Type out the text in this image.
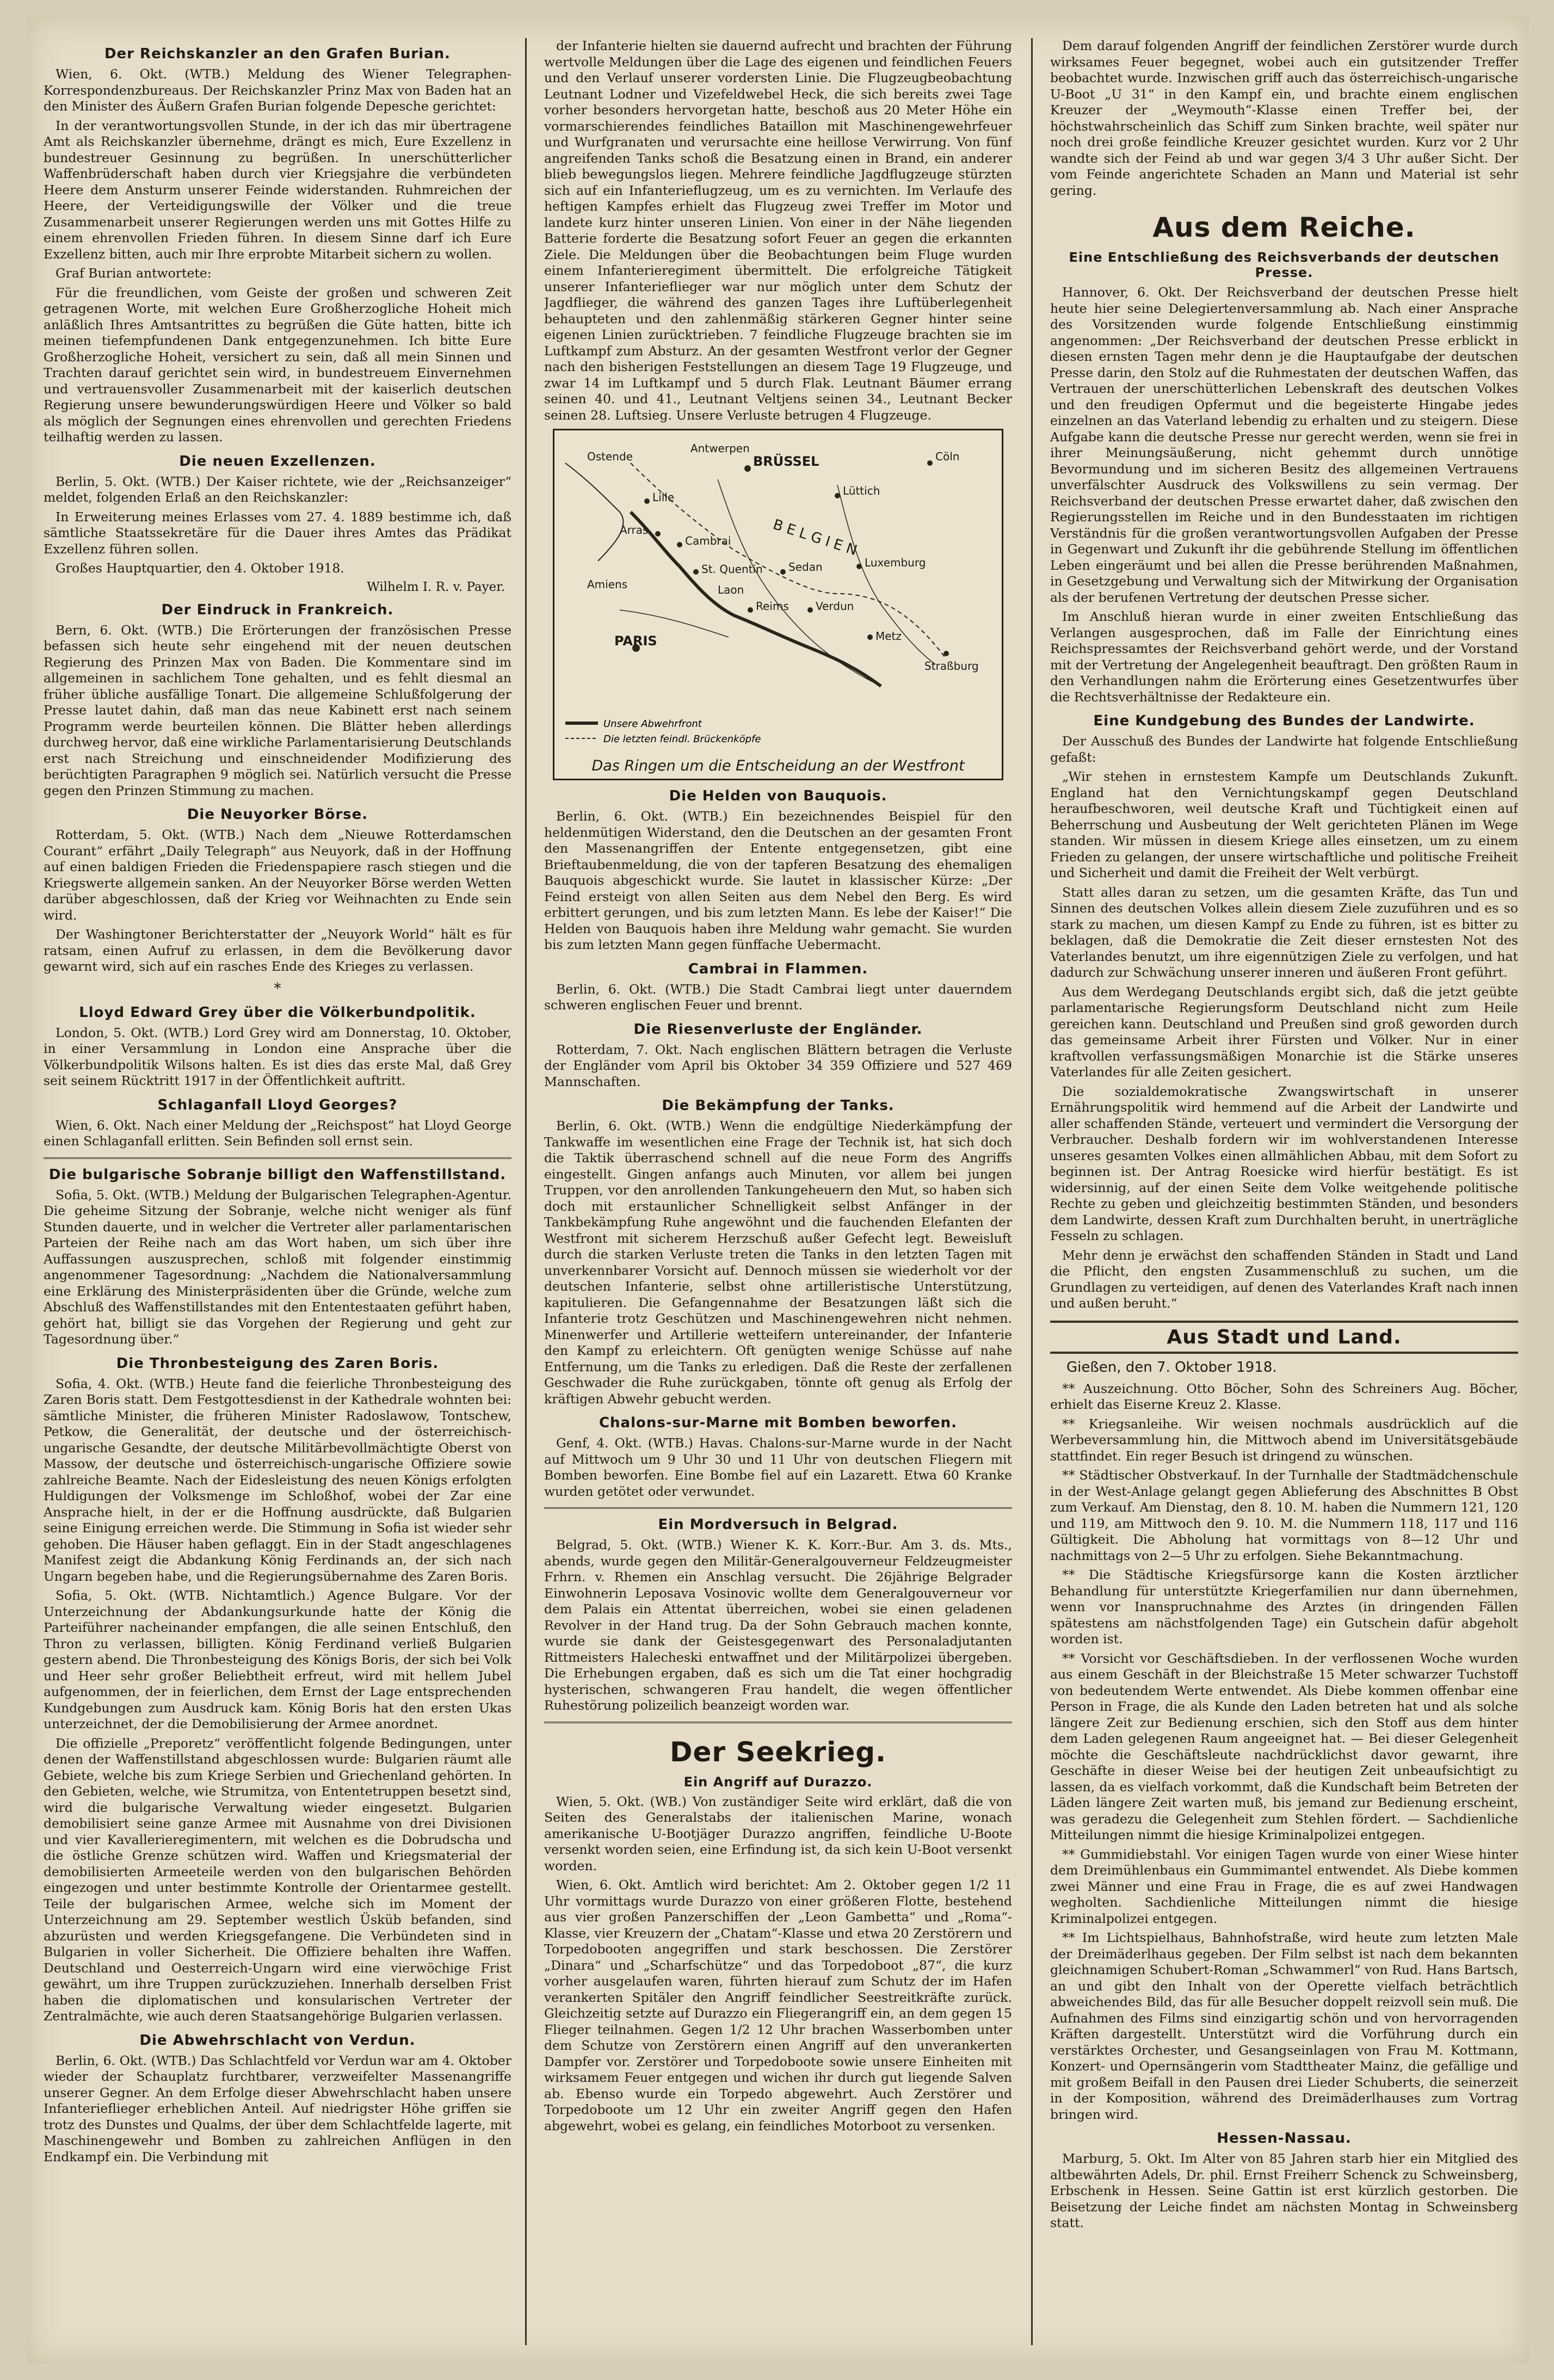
Der Reichskanzler an den Grafen Burian.

Wien, 6. Okt. (WTB.) Meldung des Wiener Telegraphen-Korrespondenzbureaus. Der Reichskanzler Prinz Max von Baden hat an den Minister des Äußern Grafen Burian folgende Depesche gerichtet:

In der verantwortungsvollen Stunde, in der ich das mir übertragene Amt als Reichskanzler übernehme, drängt es mich, Eure Exzellenz in bundestreuer Gesinnung zu begrüßen. In unerschütterlicher Waffenbrüderschaft haben durch vier Kriegsjahre die verbündeten Heere dem Ansturm unserer Feinde widerstanden. Ruhmreichen der Heere, der Verteidigungswille der Völker und die treue Zusammenarbeit unserer Regierungen werden uns mit Gottes Hilfe zu einem ehrenvollen Frieden führen. In diesem Sinne darf ich Eure Exzellenz bitten, auch mir Ihre erprobte Mitarbeit sichern zu wollen.

Graf Burian antwortete:

Für die freundlichen, vom Geiste der großen und schweren Zeit getragenen Worte, mit welchen Eure Großherzogliche Hoheit mich anläßlich Ihres Amtsantrittes zu begrüßen die Güte hatten, bitte ich meinen tiefempfundenen Dank entgegenzunehmen. Ich bitte Eure Großherzogliche Hoheit, versichert zu sein, daß all mein Sinnen und Trachten darauf gerichtet sein wird, in bundestreuem Einvernehmen und vertrauensvoller Zusammenarbeit mit der kaiserlich deutschen Regierung unsere bewunderungswürdigen Heere und Völker so bald als möglich der Segnungen eines ehrenvollen und gerechten Friedens teilhaftig werden zu lassen.

Die neuen Exzellenzen.

Berlin, 5. Okt. (WTB.) Der Kaiser richtete, wie der „Reichsanzeiger“ meldet, folgenden Erlaß an den Reichskanzler:

In Erweiterung meines Erlasses vom 27. 4. 1889 bestimme ich, daß sämtliche Staatssekretäre für die Dauer ihres Amtes das Prädikat Exzellenz führen sollen.

Großes Hauptquartier, den 4. Oktober 1918.

Wilhelm I. R. v. Payer.
Der Eindruck in Frankreich.

Bern, 6. Okt. (WTB.) Die Erörterungen der französischen Presse befassen sich heute sehr eingehend mit der neuen deutschen Regierung des Prinzen Max von Baden. Die Kommentare sind im allgemeinen in sachlichem Tone gehalten, und es fehlt diesmal an früher übliche ausfällige Tonart. Die allgemeine Schlußfolgerung der Presse lautet dahin, daß man das neue Kabinett erst nach seinem Programm werde beurteilen können. Die Blätter heben allerdings durchweg hervor, daß eine wirkliche Parlamentarisierung Deutschlands erst nach Streichung und einschneidender Modifizierung des berüchtigten Paragraphen 9 möglich sei. Natürlich versucht die Presse gegen den Prinzen Stimmung zu machen.

Die Neuyorker Börse.

Rotterdam, 5. Okt. (WTB.) Nach dem „Nieuwe Rotterdamschen Courant“ erfährt „Daily Telegraph“ aus Neuyork, daß in der Hoffnung auf einen baldigen Frieden die Friedenspapiere rasch stiegen und die Kriegswerte allgemein sanken. An der Neuyorker Börse werden Wetten darüber abgeschlossen, daß der Krieg vor Weihnachten zu Ende sein wird.

Der Washingtoner Berichterstatter der „Neuyork World“ hält es für ratsam, einen Aufruf zu erlassen, in dem die Bevölkerung davor gewarnt wird, sich auf ein rasches Ende des Krieges zu verlassen.

*
Lloyd Edward Grey über die Völkerbundpolitik.

London, 5. Okt. (WTB.) Lord Grey wird am Donnerstag, 10. Oktober, in einer Versammlung in London eine Ansprache über die Völkerbundpolitik Wilsons halten. Es ist dies das erste Mal, daß Grey seit seinem Rücktritt 1917 in der Öffentlichkeit auftritt.

Schlaganfall Lloyd Georges?

Wien, 6. Okt. Nach einer Meldung der „Reichspost“ hat Lloyd George einen Schlaganfall erlitten. Sein Befinden soll ernst sein.

Die bulgarische Sobranje billigt den Waffenstillstand.

Sofia, 5. Okt. (WTB.) Meldung der Bulgarischen Telegraphen-Agentur. Die geheime Sitzung der Sobranje, welche nicht weniger als fünf Stunden dauerte, und in welcher die Vertreter aller parlamentarischen Parteien der Reihe nach am das Wort haben, um sich über ihre Auffassungen auszusprechen, schloß mit folgender einstimmig angenommener Tagesordnung: „Nachdem die Nationalversammlung eine Erklärung des Ministerpräsidenten über die Gründe, welche zum Abschluß des Waffenstillstandes mit den Ententestaaten geführt haben, gehört hat, billigt sie das Vorgehen der Regierung und geht zur Tagesordnung über.“

Die Thronbesteigung des Zaren Boris.

Sofia, 4. Okt. (WTB.) Heute fand die feierliche Thronbesteigung des Zaren Boris statt. Dem Festgottesdienst in der Kathedrale wohnten bei: sämtliche Minister, die früheren Minister Radoslawow, Tontschew, Petkow, die Generalität, der deutsche und der österreichisch-ungarische Gesandte, der deutsche Militärbevollmächtigte Oberst von Massow, der deutsche und österreichisch-ungarische Offiziere sowie zahlreiche Beamte. Nach der Eidesleistung des neuen Königs erfolgten Huldigungen der Volksmenge im Schloßhof, wobei der Zar eine Ansprache hielt, in der er die Hoffnung ausdrückte, daß Bulgarien seine Einigung erreichen werde. Die Stimmung in Sofia ist wieder sehr gehoben. Die Häuser haben geflaggt. Ein in der Stadt angeschlagenes Manifest zeigt die Abdankung König Ferdinands an, der sich nach Ungarn begeben habe, und die Regierungsübernahme des Zaren Boris.

Sofia, 5. Okt. (WTB. Nichtamtlich.) Agence Bulgare. Vor der Unterzeichnung der Abdankungsurkunde hatte der König die Parteiführer nacheinander empfangen, die alle seinen Entschluß, den Thron zu verlassen, billigten. König Ferdinand verließ Bulgarien gestern abend. Die Thronbesteigung des Königs Boris, der sich bei Volk und Heer sehr großer Beliebtheit erfreut, wird mit hellem Jubel aufgenommen, der in feierlichen, dem Ernst der Lage entsprechenden Kundgebungen zum Ausdruck kam. König Boris hat den ersten Ukas unterzeichnet, der die Demobilisierung der Armee anordnet.

Die offizielle „Preporetz“ veröffentlicht folgende Bedingungen, unter denen der Waffenstillstand abgeschlossen wurde: Bulgarien räumt alle Gebiete, welche bis zum Kriege Serbien und Griechenland gehörten. In den Gebieten, welche, wie Strumitza, von Ententetruppen besetzt sind, wird die bulgarische Verwaltung wieder eingesetzt. Bulgarien demobilisiert seine ganze Armee mit Ausnahme von drei Divisionen und vier Kavallerieregimentern, mit welchen es die Dobrudscha und die östliche Grenze schützen wird. Waffen und Kriegsmaterial der demobilisierten Armeeteile werden von den bulgarischen Behörden eingezogen und unter bestimmte Kontrolle der Orientarmee gestellt. Teile der bulgarischen Armee, welche sich im Moment der Unterzeichnung am 29. September westlich Üsküb befanden, sind abzurüsten und werden Kriegsgefangene. Die Verbündeten sind in Bulgarien in voller Sicherheit. Die Offiziere behalten ihre Waffen. Deutschland und Oesterreich-Ungarn wird eine vierwöchige Frist gewährt, um ihre Truppen zurückzuziehen. Innerhalb derselben Frist haben die diplomatischen und konsularischen Vertreter der Zentralmächte, wie auch deren Staatsangehörige Bulgarien verlassen.

Die Abwehrschlacht von Verdun.

Berlin, 6. Okt. (WTB.) Das Schlachtfeld vor Verdun war am 4. Oktober wieder der Schauplatz furchtbarer, verzweifelter Massenangriffe unserer Gegner. An dem Erfolge dieser Abwehrschlacht haben unsere Infanterieflieger erheblichen Anteil. Auf niedrigster Höhe griffen sie trotz des Dunstes und Qualms, der über dem Schlachtfelde lagerte, mit Maschinengewehr und Bomben zu zahlreichen Anflügen in den Endkampf ein. Die Verbindung mit

der Infanterie hielten sie dauernd aufrecht und brachten der Führung wertvolle Meldungen über die Lage des eigenen und feindlichen Feuers und den Verlauf unserer vordersten Linie. Die Flugzeugbeobachtung Leutnant Lodner und Vizefeldwebel Heck, die sich bereits zwei Tage vorher besonders hervorgetan hatte, beschoß aus 20 Meter Höhe ein vormarschierendes feindliches Bataillon mit Maschinengewehrfeuer und Wurfgranaten und verursachte eine heillose Verwirrung. Von fünf angreifenden Tanks schoß die Besatzung einen in Brand, ein anderer blieb bewegungslos liegen. Mehrere feindliche Jagdflugzeuge stürzten sich auf ein Infanterieflugzeug, um es zu vernichten. Im Verlaufe des heftigen Kampfes erhielt das Flugzeug zwei Treffer im Motor und landete kurz hinter unseren Linien. Von einer in der Nähe liegenden Batterie forderte die Besatzung sofort Feuer an gegen die erkannten Ziele. Die Meldungen über die Beobachtungen beim Fluge wurden einem Infanterieregiment übermittelt. Die erfolgreiche Tätigkeit unserer Infanterieflieger war nur möglich unter dem Schutz der Jagdflieger, die während des ganzen Tages ihre Luftüberlegenheit behaupteten und den zahlenmäßig stärkeren Gegner hinter seine eigenen Linien zurücktrieben. 7 feindliche Flugzeuge brachten sie im Luftkampf zum Absturz. An der gesamten Westfront verlor der Gegner nach den bisherigen Feststellungen an diesem Tage 19 Flugzeuge, und zwar 14 im Luftkampf und 5 durch Flak. Leutnant Bäumer errang seinen 40. und 41., Leutnant Veltjens seinen 34., Leutnant Becker seinen 28. Luftsieg. Unsere Verluste betrugen 4 Flugzeuge.

BRÜSSEL	Cöln
Lüttich
Luxemburg
Metz
Straßburg
Verdun
Sedan
Reims
PARIS
Cambrai
St. Quentin
Lille
Arras
Ostende
Antwerpen
Laon
Amiens
BELGIEN
Unsere Abwehrfront
Die letzten feindl. Brückenköpfe
Das Ringen um die Entscheidung an der Westfront
Die Helden von Bauquois.

Berlin, 6. Okt. (WTB.) Ein bezeichnendes Beispiel für den heldenmütigen Widerstand, den die Deutschen an der gesamten Front den Massenangriffen der Entente entgegensetzen, gibt eine Brieftaubenmeldung, die von der tapferen Besatzung des ehemaligen Bauquois abgeschickt wurde. Sie lautet in klassischer Kürze: „Der Feind ersteigt von allen Seiten aus dem Nebel den Berg. Es wird erbittert gerungen, und bis zum letzten Mann. Es lebe der Kaiser!“ Die Helden von Bauquois haben ihre Meldung wahr gemacht. Sie wurden bis zum letzten Mann gegen fünffache Uebermacht.

Cambrai in Flammen.

Berlin, 6. Okt. (WTB.) Die Stadt Cambrai liegt unter dauerndem schweren englischen Feuer und brennt.

Die Riesenverluste der Engländer.

Rotterdam, 7. Okt. Nach englischen Blättern betragen die Verluste der Engländer vom April bis Oktober 34 359 Offiziere und 527 469 Mannschaften.

Die Bekämpfung der Tanks.

Berlin, 6. Okt. (WTB.) Wenn die endgültige Niederkämpfung der Tankwaffe im wesentlichen eine Frage der Technik ist, hat sich doch die Taktik überraschend schnell auf die neue Form des Angriffs eingestellt. Gingen anfangs auch Minuten, vor allem bei jungen Truppen, vor den anrollenden Tankungeheuern den Mut, so haben sich doch mit erstaunlicher Schnelligkeit selbst Anfänger in der Tankbekämpfung Ruhe angewöhnt und die fauchenden Elefanten der Westfront mit sicherem Herzschuß außer Gefecht legt. Beweisluft durch die starken Verluste treten die Tanks in den letzten Tagen mit unverkennbarer Vorsicht auf. Dennoch müssen sie wiederholt vor der deutschen Infanterie, selbst ohne artilleristische Unterstützung, kapitulieren. Die Gefangennahme der Besatzungen läßt sich die Infanterie trotz Geschützen und Maschinengewehren nicht nehmen. Minenwerfer und Artillerie wetteifern untereinander, der Infanterie den Kampf zu erleichtern. Oft genügten wenige Schüsse auf nahe Entfernung, um die Tanks zu erledigen. Daß die Reste der zerfallenen Geschwader die Ruhe zurückgaben, tönnte oft genug als Erfolg der kräftigen Abwehr gebucht werden.

Chalons-sur-Marne mit Bomben beworfen.

Genf, 4. Okt. (WTB.) Havas. Chalons-sur-Marne wurde in der Nacht auf Mittwoch um 9 Uhr 30 und 11 Uhr von deutschen Fliegern mit Bomben beworfen. Eine Bombe fiel auf ein Lazarett. Etwa 60 Kranke wurden getötet oder verwundet.

Ein Mordversuch in Belgrad.

Belgrad, 5. Okt. (WTB.) Wiener K. K. Korr.-Bur. Am 3. ds. Mts., abends, wurde gegen den Militär-Generalgouverneur Feldzeugmeister Frhrn. v. Rhemen ein Anschlag versucht. Die 26jährige Belgrader Einwohnerin Leposava Vosinovic wollte dem Generalgouverneur vor dem Palais ein Attentat überreichen, wobei sie einen geladenen Revolver in der Hand trug. Da der Sohn Gebrauch machen konnte, wurde sie dank der Geistesgegenwart des Personaladjutanten Rittmeisters Halecheski entwaffnet und der Militärpolizei übergeben. Die Erhebungen ergaben, daß es sich um die Tat einer hochgradig hysterischen, schwangeren Frau handelt, die wegen öffentlicher Ruhestörung polizeilich beanzeigt worden war.

Der Seekrieg.
Ein Angriff auf Durazzo.

Wien, 5. Okt. (WB.) Von zuständiger Seite wird erklärt, daß die von Seiten des Generalstabs der italienischen Marine, wonach amerikanische U-Bootjäger Durazzo angriffen, feindliche U-Boote versenkt worden seien, eine Erfindung ist, da sich kein U-Boot versenkt worden.

Wien, 6. Okt. Amtlich wird berichtet: Am 2. Oktober gegen 1/2 11 Uhr vormittags wurde Durazzo von einer größeren Flotte, bestehend aus vier großen Panzerschiffen der „Leon Gambetta“ und „Roma“-Klasse, vier Kreuzern der „Chatam“-Klasse und etwa 20 Zerstörern und Torpedobooten angegriffen und stark beschossen. Die Zerstörer „Dinara“ und „Scharfschütze“ und das Torpedoboot „87“, die kurz vorher ausgelaufen waren, führten hierauf zum Schutz der im Hafen verankerten Spitäler den Angriff feindlicher Seestreitkräfte zurück. Gleichzeitig setzte auf Durazzo ein Fliegerangriff ein, an dem gegen 15 Flieger teilnahmen. Gegen 1/2 12 Uhr brachen Wasserbomben unter dem Schutze von Zerstörern einen Angriff auf den unverankerten Dampfer vor. Zerstörer und Torpedoboote sowie unsere Einheiten mit wirksamem Feuer entgegen und wichen ihr durch gut liegende Salven ab. Ebenso wurde ein Torpedo abgewehrt. Auch Zerstörer und Torpedoboote um 12 Uhr ein zweiter Angriff gegen den Hafen abgewehrt, wobei es gelang, ein feindliches Motorboot zu versenken.

Dem darauf folgenden Angriff der feindlichen Zerstörer wurde durch wirksames Feuer begegnet, wobei auch ein gutsitzender Treffer beobachtet wurde. Inzwischen griff auch das österreichisch-ungarische U-Boot „U 31“ in den Kampf ein, und brachte einem englischen Kreuzer der „Weymouth“-Klasse einen Treffer bei, der höchstwahrscheinlich das Schiff zum Sinken brachte, weil später nur noch drei große feindliche Kreuzer gesichtet wurden. Kurz vor 2 Uhr wandte sich der Feind ab und war gegen 3/4 3 Uhr außer Sicht. Der vom Feinde angerichtete Schaden an Mann und Material ist sehr gering.

Aus dem Reiche.
Eine Entschließung des Reichsverbands der deutschen Presse.

Hannover, 6. Okt. Der Reichsverband der deutschen Presse hielt heute hier seine Delegiertenversammlung ab. Nach einer Ansprache des Vorsitzenden wurde folgende Entschließung einstimmig angenommen: „Der Reichsverband der deutschen Presse erblickt in diesen ernsten Tagen mehr denn je die Hauptaufgabe der deutschen Presse darin, den Stolz auf die Ruhmestaten der deutschen Waffen, das Vertrauen der unerschütterlichen Lebenskraft des deutschen Volkes und den freudigen Opfermut und die begeisterte Hingabe jedes einzelnen an das Vaterland lebendig zu erhalten und zu steigern. Diese Aufgabe kann die deutsche Presse nur gerecht werden, wenn sie frei in ihrer Meinungsäußerung, nicht gehemmt durch unnötige Bevormundung und im sicheren Besitz des allgemeinen Vertrauens unverfälschter Ausdruck des Volkswillens zu sein vermag. Der Reichsverband der deutschen Presse erwartet daher, daß zwischen den Regierungsstellen im Reiche und in den Bundesstaaten im richtigen Verständnis für die großen verantwortungsvollen Aufgaben der Presse in Gegenwart und Zukunft ihr die gebührende Stellung im öffentlichen Leben eingeräumt und bei allen die Presse berührenden Maßnahmen, in Gesetzgebung und Verwaltung sich der Mitwirkung der Organisation als der berufenen Vertretung der deutschen Presse sicher.

Im Anschluß hieran wurde in einer zweiten Entschließung das Verlangen ausgesprochen, daß im Falle der Einrichtung eines Reichspressamtes der Reichsverband gehört werde, und der Vorstand mit der Vertretung der Angelegenheit beauftragt. Den größten Raum in den Verhandlungen nahm die Erörterung eines Gesetzentwurfes über die Rechtsverhältnisse der Redakteure ein.

Eine Kundgebung des Bundes der Landwirte.

Der Ausschuß des Bundes der Landwirte hat folgende Entschließung gefaßt:

„Wir stehen in ernstestem Kampfe um Deutschlands Zukunft. England hat den Vernichtungskampf gegen Deutschland heraufbeschworen, weil deutsche Kraft und Tüchtigkeit einen auf Beherrschung und Ausbeutung der Welt gerichteten Plänen im Wege standen. Wir müssen in diesem Kriege alles einsetzen, um zu einem Frieden zu gelangen, der unsere wirtschaftliche und politische Freiheit und Sicherheit und damit die Freiheit der Welt verbürgt.

Statt alles daran zu setzen, um die gesamten Kräfte, das Tun und Sinnen des deutschen Volkes allein diesem Ziele zuzuführen und es so stark zu machen, um diesen Kampf zu Ende zu führen, ist es bitter zu beklagen, daß die Demokratie die Zeit dieser ernstesten Not des Vaterlandes benutzt, um ihre eigennützigen Ziele zu verfolgen, und hat dadurch zur Schwächung unserer inneren und äußeren Front geführt.

Aus dem Werdegang Deutschlands ergibt sich, daß die jetzt geübte parlamentarische Regierungsform Deutschland nicht zum Heile gereichen kann. Deutschland und Preußen sind groß geworden durch das gemeinsame Arbeit ihrer Fürsten und Völker. Nur in einer kraftvollen verfassungsmäßigen Monarchie ist die Stärke unseres Vaterlandes für alle Zeiten gesichert.

Die sozialdemokratische Zwangswirtschaft in unserer Ernährungspolitik wird hemmend auf die Arbeit der Landwirte und aller schaffenden Stände, verteuert und vermindert die Versorgung der Verbraucher. Deshalb fordern wir im wohlverstandenen Interesse unseres gesamten Volkes einen allmählichen Abbau, mit dem Sofort zu beginnen ist. Der Antrag Roesicke wird hierfür bestätigt. Es ist widersinnig, auf der einen Seite dem Volke weitgehende politische Rechte zu geben und gleichzeitig bestimmten Ständen, und besonders dem Landwirte, dessen Kraft zum Durchhalten beruht, in unerträgliche Fesseln zu schlagen.

Mehr denn je erwächst den schaffenden Ständen in Stadt und Land die Pflicht, den engsten Zusammenschluß zu suchen, um die Grundlagen zu verteidigen, auf denen des Vaterlandes Kraft nach innen und außen beruht.“

Aus Stadt und Land.
Gießen, den 7. Oktober 1918.

** Auszeichnung. Otto Böcher, Sohn des Schreiners Aug. Böcher, erhielt das Eiserne Kreuz 2. Klasse.

** Kriegsanleihe. Wir weisen nochmals ausdrücklich auf die Werbeversammlung hin, die Mittwoch abend im Universitätsgebäude stattfindet. Ein reger Besuch ist dringend zu wünschen.

** Städtischer Obstverkauf. In der Turnhalle der Stadtmädchenschule in der West-Anlage gelangt gegen Ablieferung des Abschnittes B Obst zum Verkauf. Am Dienstag, den 8. 10. M. haben die Nummern 121, 120 und 119, am Mittwoch den 9. 10. M. die Nummern 118, 117 und 116 Gültigkeit. Die Abholung hat vormittags von 8—12 Uhr und nachmittags von 2—5 Uhr zu erfolgen. Siehe Bekanntmachung.

** Die Städtische Kriegsfürsorge kann die Kosten ärztlicher Behandlung für unterstützte Kriegerfamilien nur dann übernehmen, wenn vor Inanspruchnahme des Arztes (in dringenden Fällen spätestens am nächstfolgenden Tage) ein Gutschein dafür abgeholt worden ist.

** Vorsicht vor Geschäftsdieben. In der verflossenen Woche wurden aus einem Geschäft in der Bleichstraße 15 Meter schwarzer Tuchstoff von bedeutendem Werte entwendet. Als Diebe kommen offenbar eine Person in Frage, die als Kunde den Laden betreten hat und als solche längere Zeit zur Bedienung erschien, sich den Stoff aus dem hinter dem Laden gelegenen Raum angeeignet hat. — Bei dieser Gelegenheit möchte die Geschäftsleute nachdrücklichst davor gewarnt, ihre Geschäfte in dieser Weise bei der heutigen Zeit unbeaufsichtigt zu lassen, da es vielfach vorkommt, daß die Kundschaft beim Betreten der Läden längere Zeit warten muß, bis jemand zur Bedienung erscheint, was geradezu die Gelegenheit zum Stehlen fördert. — Sachdienliche Mitteilungen nimmt die hiesige Kriminalpolizei entgegen.

** Gummidiebstahl. Vor einigen Tagen wurde von einer Wiese hinter dem Dreimühlenbaus ein Gummimantel entwendet. Als Diebe kommen zwei Männer und eine Frau in Frage, die es auf zwei Handwagen wegholten. Sachdienliche Mitteilungen nimmt die hiesige Kriminalpolizei entgegen.

** Im Lichtspielhaus, Bahnhofstraße, wird heute zum letzten Male der Dreimäderlhaus gegeben. Der Film selbst ist nach dem bekannten gleichnamigen Schubert-Roman „Schwammerl“ von Rud. Hans Bartsch, an und gibt den Inhalt von der Operette vielfach beträchtlich abweichendes Bild, das für alle Besucher doppelt reizvoll sein muß. Die Aufnahmen des Films sind einzigartig schön und von hervorragenden Kräften dargestellt. Unterstützt wird die Vorführung durch ein verstärktes Orchester, und Gesangseinlagen von Frau M. Kottmann, Konzert- und Opernsängerin vom Stadttheater Mainz, die gefällige und mit großem Beifall in den Pausen drei Lieder Schuberts, die seinerzeit in der Komposition, während des Dreimäderlhauses zum Vortrag bringen wird.

Hessen-Nassau.

Marburg, 5. Okt. Im Alter von 85 Jahren starb hier ein Mitglied des altbewährten Adels, Dr. phil. Ernst Freiherr Schenck zu Schweinsberg, Erbschenk in Hessen. Seine Gattin ist erst kürzlich gestorben. Die Beisetzung der Leiche findet am nächsten Montag in Schweinsberg statt.
